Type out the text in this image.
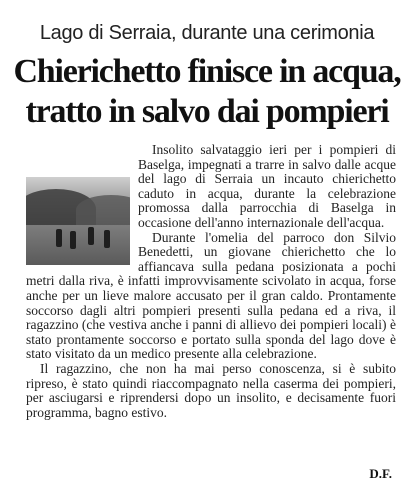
Lago di Serraia, durante una cerimonia
Chierichetto finisce in acqua,
tratto in salvo dai pompieri

Insolito salvataggio ieri per i pompieri di Baselga, impegnati a trarre in salvo dalle acque del lago di Serraia un incauto chierichetto caduto in acqua, durante la celebrazione promossa dalla parrocchia di Baselga in occasione dell'anno internazionale dell'acqua.

Durante l'omelia del parroco don Silvio Benedetti, un giovane chierichetto che lo affiancava sulla pedana posizionata a pochi metri dalla riva, è infatti improvvisamente scivolato in acqua, forse anche per un lieve malore accusato per il gran caldo. Prontamente soccorso dagli altri pompieri presenti sulla pedana ed a riva, il ragazzino (che vestiva anche i panni di allievo dei pompieri locali) è stato prontamente soccorso e portato sulla sponda del lago dove è stato visitato da un medico presente alla celebrazione.

Il ragazzino, che non ha mai perso conoscenza, si è subito ripreso, è stato quindi riaccompagnato nella caserma dei pompieri, per asciugarsi e riprendersi dopo un insolito, e decisamente fuori programma, bagno estivo.

D.F.
